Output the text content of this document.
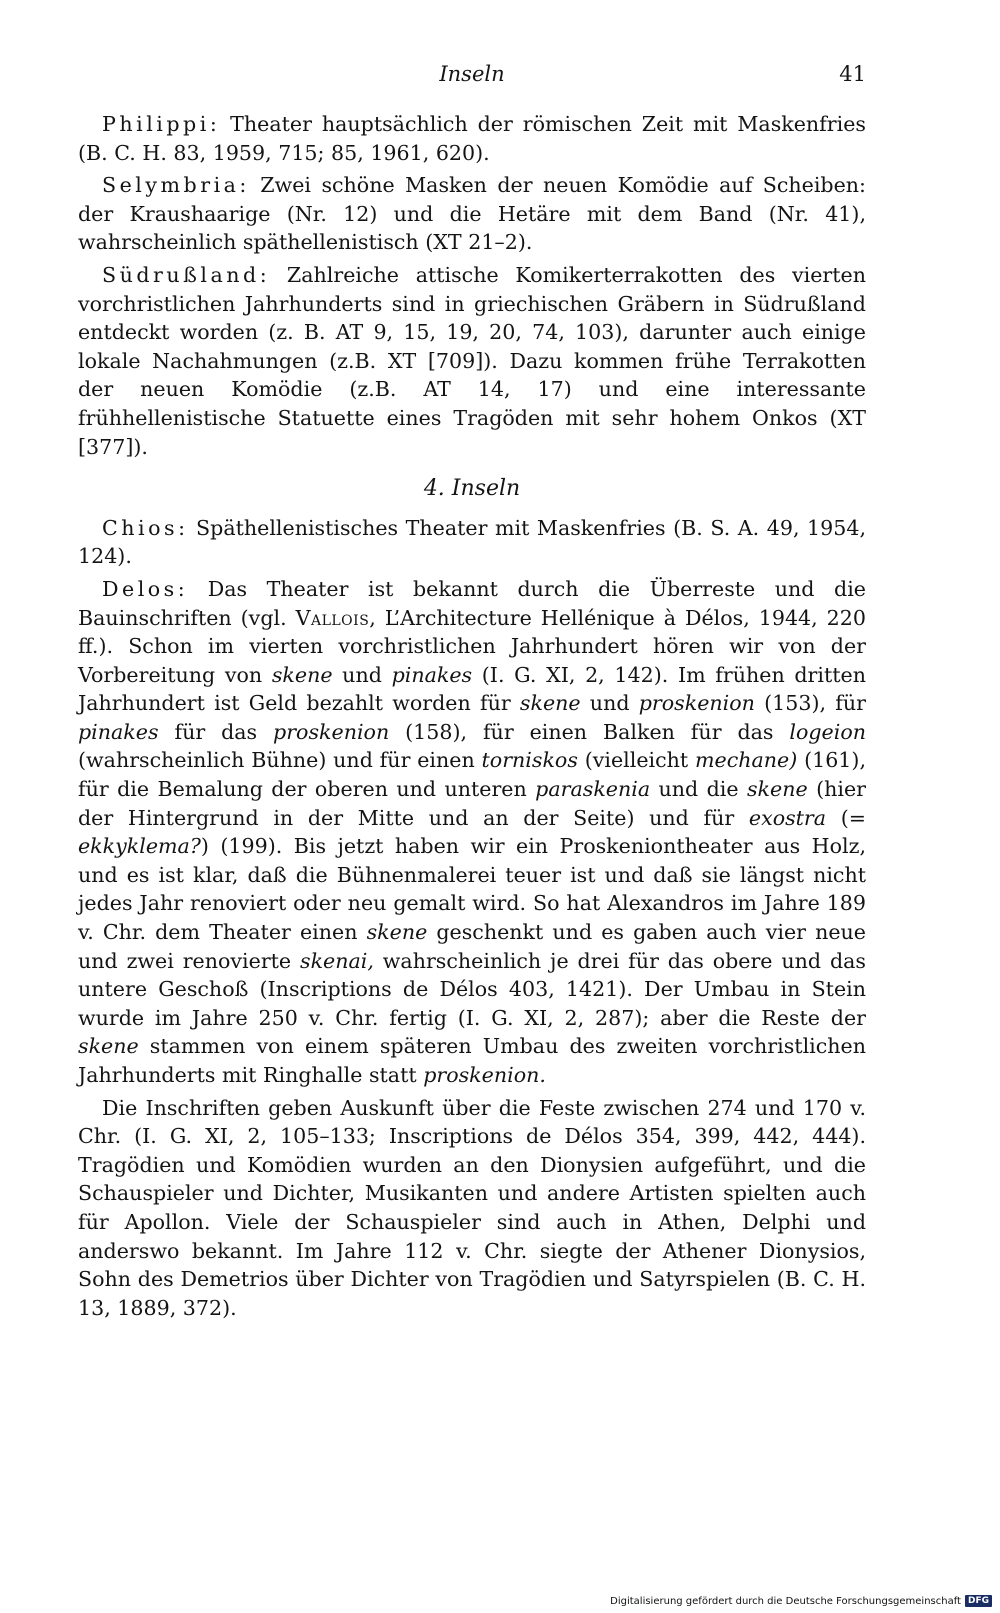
Inseln	41

Philippi: Theater hauptsächlich der römischen Zeit mit Maskenfries (B. C. H. 83, 1959, 715; 85, 1961, 620).

Selymbria: Zwei schöne Masken der neuen Komödie auf Scheiben: der Kraushaarige (Nr. 12) und die Hetäre mit dem Band (Nr. 41), wahrscheinlich späthellenistisch (XT 21–2).

Südrußland: Zahlreiche attische Komikerterrakotten des vierten vorchristlichen Jahrhunderts sind in griechischen Gräbern in Südrußland entdeckt worden (z. B. AT 9, 15, 19, 20, 74, 103), darunter auch einige lokale Nachahmungen (z.B. XT [709]). Dazu kommen frühe Terrakotten der neuen Komödie (z.B. AT 14, 17) und eine interessante frühhellenistische Statuette eines Tragöden mit sehr hohem Onkos (XT [377]).

4. Inseln

Chios: Späthellenistisches Theater mit Maskenfries (B. S. A. 49, 1954, 124).

Delos: Das Theater ist bekannt durch die Überreste und die Bauinschriften (vgl. Vallois, L’Architecture Hellénique à Délos, 1944, 220 ff.). Schon im vierten vorchristlichen Jahrhundert hören wir von der Vorbereitung von skene und pinakes (I. G. XI, 2, 142). Im frühen dritten Jahrhundert ist Geld bezahlt worden für skene und proskenion (153), für pinakes für das proskenion (158), für einen Balken für das logeion (wahrscheinlich Bühne) und für einen torniskos (vielleicht mechane) (161), für die Bemalung der oberen und unteren paraskenia und die skene (hier der Hintergrund in der Mitte und an der Seite) und für exostra (= ekkyklema?) (199). Bis jetzt haben wir ein Proskeniontheater aus Holz, und es ist klar, daß die Bühnenmalerei teuer ist und daß sie längst nicht jedes Jahr renoviert oder neu gemalt wird. So hat Alexandros im Jahre 189 v. Chr. dem Theater einen skene geschenkt und es gaben auch vier neue und zwei renovierte skenai, wahrscheinlich je drei für das obere und das untere Geschoß (Inscriptions de Délos 403, 1421). Der Umbau in Stein wurde im Jahre 250 v. Chr. fertig (I. G. XI, 2, 287); aber die Reste der skene stammen von einem späteren Umbau des zweiten vorchristlichen Jahrhunderts mit Ringhalle statt proskenion.

Die Inschriften geben Auskunft über die Feste zwischen 274 und 170 v. Chr. (I. G. XI, 2, 105–133; Inscriptions de Délos 354, 399, 442, 444). Tragödien und Komödien wurden an den Dionysien aufgeführt, und die Schauspieler und Dichter, Musikanten und andere Artisten spielten auch für Apollon. Viele der Schauspieler sind auch in Athen, Delphi und anderswo bekannt. Im Jahre 112 v. Chr. siegte der Athener Dionysios, Sohn des Demetrios über Dichter von Tragödien und Satyrspielen (B. C. H. 13, 1889, 372).

Digitalisierung gefördert durch die Deutsche Forschungsgemeinschaft DFG
